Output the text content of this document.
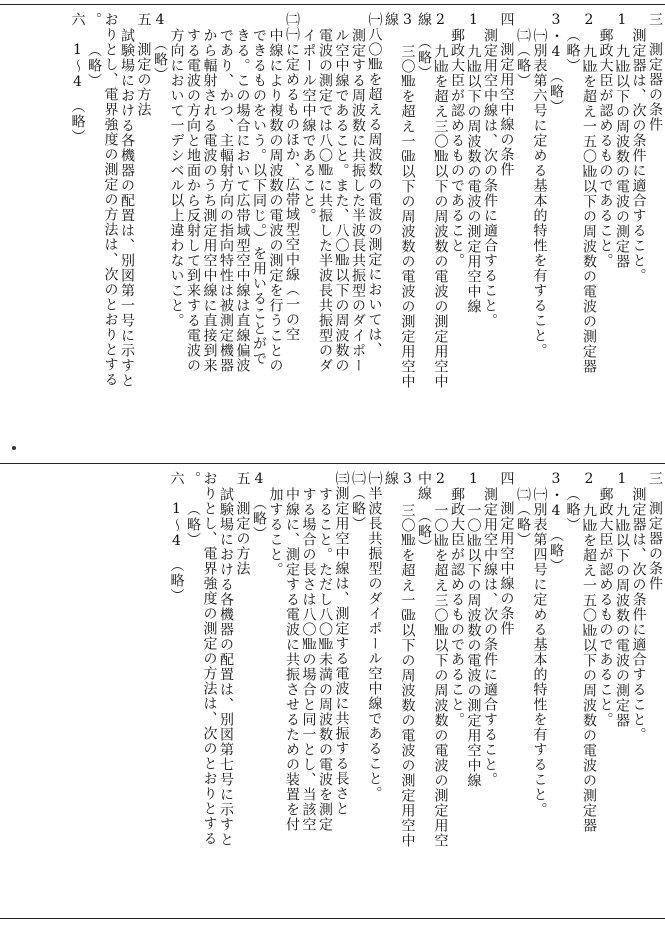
三　測定器の条件
測定器は、次の条件に適合すること。
1　九㎑以下の周波数の電波の測定器
郵政大臣が認めるものであること。
2　九㎑を超え一五〇㎑以下の周波数の電波の測定器
（略）
3・4　（略）
㈠別表第六号に定める基本的特性を有すること。
㈡（略）
四　測定用空中線の条件
測定用空中線は、次の条件に適合すること。
1　九㎑以下の周波数の電波の測定用空中線
郵政大臣が認めるものであること。
2　九㎑を超え三〇㎒以下の周波数の電波の測定用空中
線　（略）
3　三〇㎒を超え一㎓以下の周波数の電波の測定用空中
線
㈠八〇㎒を超える周波数の電波の測定においては、
測定する周波数に共振した半波長共振型のダイポー
ル空中線であること。また、八〇㎒以下の周波数の
電波の測定では八〇㎒に共振した半波長共振型のダ
イポール空中線であること。
㈡㈠に定めるものほか、広帯域型空中線（一の空
中線により複数の周波数の電波の測定を行うことの
できるものをいう。以下同じ。）を用いることがで
きる。この場合において広帯域型空中線は直線偏波
であり、かつ、主輻射方向の指向特性は被測定機器
から輻射される電波のうち測定用空中線に直接到来
する電波の方向と地面から反射して到来する電波の
方向において一デシベル以上違わないこと。
4　（略）
五　測定の方法
試験場における各機器の配置は、別図第一号に示すと
おりとし、電界強度の測定の方法は、次のとおりとする
。　　（略）
六　1〜4　（略）
三　測定器の条件
測定器は、次の条件に適合すること。
1　九㎑以下の周波数の電波の測定器
郵政大臣が認めるものであること。
2　九㎑を超え一五〇㎑以下の周波数の電波の測定器
（略）
3・4　（略）
㈠別表第四号に定める基本的特性を有すること。
㈡（略）
四　測定用空中線の条件
測定用空中線は、次の条件に適合すること。
1　一〇㎑以下の周波数の電波の測定用空中線
郵政大臣が認めるものであること。
2　一〇㎑を超え三〇㎒以下の周波数の電波の測定用空
中線　（略）
3　三〇㎒を超え一㎓以下の周波数の電波の測定用空中
線
㈠半波長共振型のダイポール空中線であること。
㈡（略）
㈢測定用空中線は、測定する電波に共振する長さと
すること。ただし八〇㎒未満の周波数の電波を測定
する場合の長さは八〇㎒の場合と同一とし、当該空
中線に、測定する電波に共振させるための装置を付
加すること。
4　（略）
五　測定の方法
試験場における各機器の配置は、別図第七号に示すと
おりとし、電界強度の測定の方法は、次のとおりとする
。　　（略）
六　1〜4　（略）
